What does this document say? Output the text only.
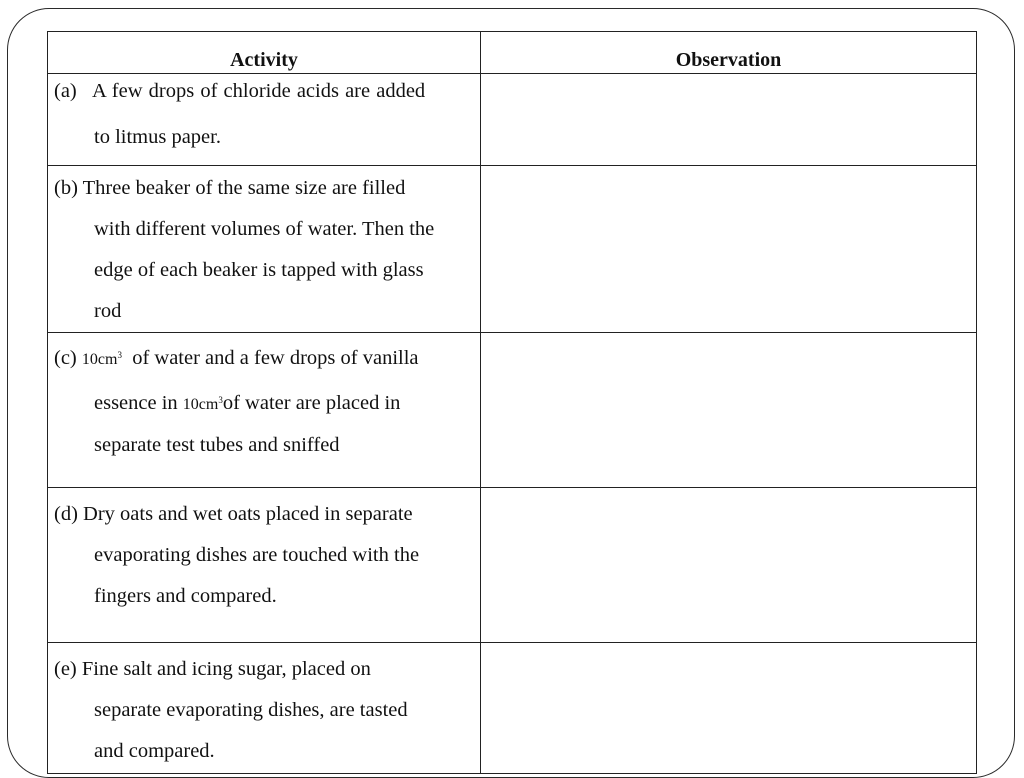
Activity	Observation

(a) A few drops of chloride acids are added
to litmus paper.	

(b) Three beaker of the same size are filled
with different volumes of water. Then the
edge of each beaker is tapped with glass
rod	

(c) $10cm^3$ of water and a few drops of vanilla
essence in $10cm^3of$ water are placed in
separate test tubes and sniffed	

(d) Dry oats and wet oats placed in separate
evaporating dishes are touched with the
fingers and compared.	

(e) Fine salt and icing sugar, placed on
separate evaporating dishes, are tasted
and compared.	
